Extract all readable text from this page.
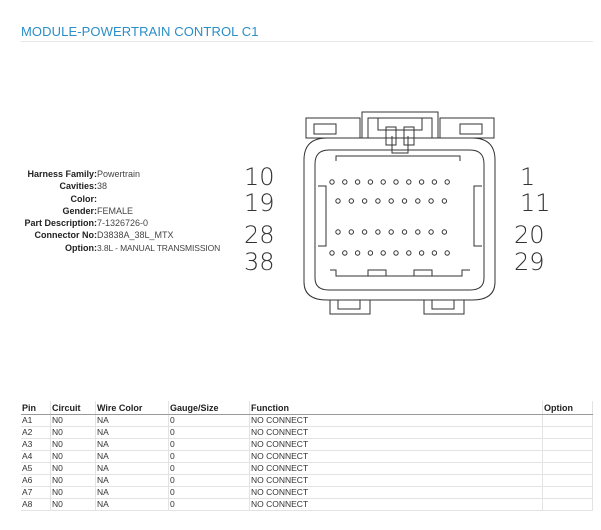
MODULE-POWERTRAIN CONTROL C1
Harness Family: Powertrain
Cavities: 38
Color:
Gender: FEMALE
Part Description: 7-1326726-0
Connector No: D3838A_38L_MTX
Option: 3.8L - MANUAL TRANSMISSION
10
19
28
38
1
11
20
29
Pin	Circuit	Wire Color	Gauge/Size	Function	Option
A1	N0	NA	0	NO CONNECT	
A2	N0	NA	0	NO CONNECT	
A3	N0	NA	0	NO CONNECT	
A4	N0	NA	0	NO CONNECT	
A5	N0	NA	0	NO CONNECT	
A6	N0	NA	0	NO CONNECT	
A7	N0	NA	0	NO CONNECT	
A8	N0	NA	0	NO CONNECT	
